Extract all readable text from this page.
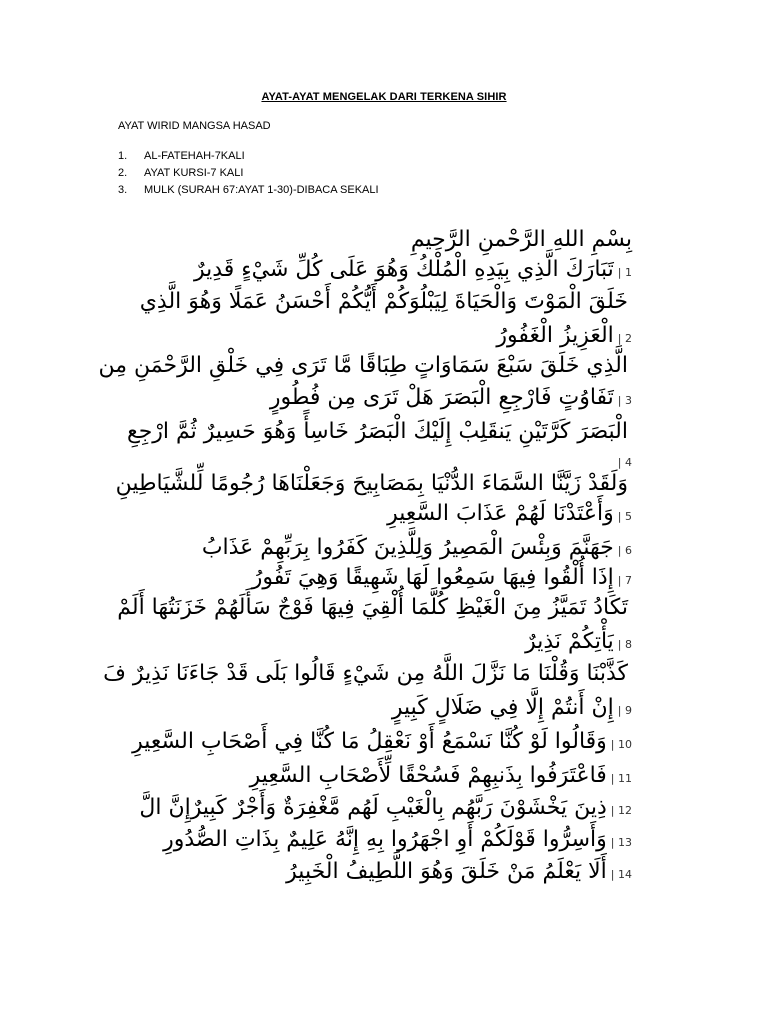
AYAT-AYAT MENGELAK DARI TERKENA SIHIR
AYAT WIRID MANGSA HASAD
1. AL-FATEHAH-7KALI
2. AYAT KURSI-7 KALI
3. MULK (SURAH 67:AYAT 1-30)-DIBACA SEKALI
بِسْمِ اللهِ الرَّحْمنِ الرَّحِيمِ
1 |تَبَارَكَ الَّذِي بِيَدِهِ الْمُلْكُ وَهُوَ عَلَى كُلِّ شَيْءٍ قَدِيرٌ
خَلَقَ الْمَوْتَ وَالْحَيَاةَ لِيَبْلُوَكُمْ أَيُّكُمْ أَحْسَنُ عَمَلًا وَهُوَ الَّذِي
2 |الْعَزِيزُ الْغَفُورُ
الَّذِي خَلَقَ سَبْعَ سَمَاوَاتٍ طِبَاقًا مَّا تَرَى فِي خَلْقِ الرَّحْمَنِ مِن
3 |تَفَاوُتٍ فَارْجِعِ الْبَصَرَ هَلْ تَرَى مِن فُطُورٍ
الْبَصَرَ كَرَّتَيْنِ يَنقَلِبْ إِلَيْكَ الْبَصَرُ خَاسِأً وَهُوَ حَسِيرٌ ثُمَّ ارْجِعِ
4 |
وَلَقَدْ زَيَّنَّا السَّمَاءَ الدُّنْيَا بِمَصَابِيحَ وَجَعَلْنَاهَا رُجُومًا لِّلشَّيَاطِينِ
5 |وَأَعْتَدْنَا لَهُمْ عَذَابَ السَّعِيرِ
6 |جَهَنَّمَ وَبِئْسَ الْمَصِيرُ وَلِلَّذِينَ كَفَرُوا بِرَبِّهِمْ عَذَابُ
7 |إِذَا أُلْقُوا فِيهَا سَمِعُوا لَهَا شَهِيقًا وَهِيَ تَفُورُ
تَكَادُ تَمَيَّزُ مِنَ الْغَيْظِ كُلَّمَا أُلْقِيَ فِيهَا فَوْجٌ سَأَلَهُمْ خَزَنَتُهَا أَلَمْ
8 |يَأْتِكُمْ نَذِيرٌ
كَذَّبْنَا وَقُلْنَا مَا نَزَّلَ اللَّهُ مِن شَيْءٍ قَالُوا بَلَى قَدْ جَاءَنَا نَذِيرٌ فَ
9 |إِنْ أَنتُمْ إِلَّا فِي ضَلَالٍ كَبِيرٍ
10 |وَقَالُوا لَوْ كُنَّا نَسْمَعُ أَوْ نَعْقِلُ مَا كُنَّا فِي أَصْحَابِ السَّعِيرِ
11 |فَاعْتَرَفُوا بِذَنبِهِمْ فَسُحْقًا لِّأَصْحَابِ السَّعِيرِ
12 |ذِينَ يَخْشَوْنَ رَبَّهُم بِالْغَيْبِ لَهُم مَّغْفِرَةٌ وَأَجْرٌ كَبِيرٌإِنَّ الَّ
13 |وَأَسِرُّوا قَوْلَكُمْ أَوِ اجْهَرُوا بِهِ إِنَّهُ عَلِيمٌ بِذَاتِ الصُّدُورِ
14 |أَلَا يَعْلَمُ مَنْ خَلَقَ وَهُوَ اللَّطِيفُ الْخَبِيرُ
